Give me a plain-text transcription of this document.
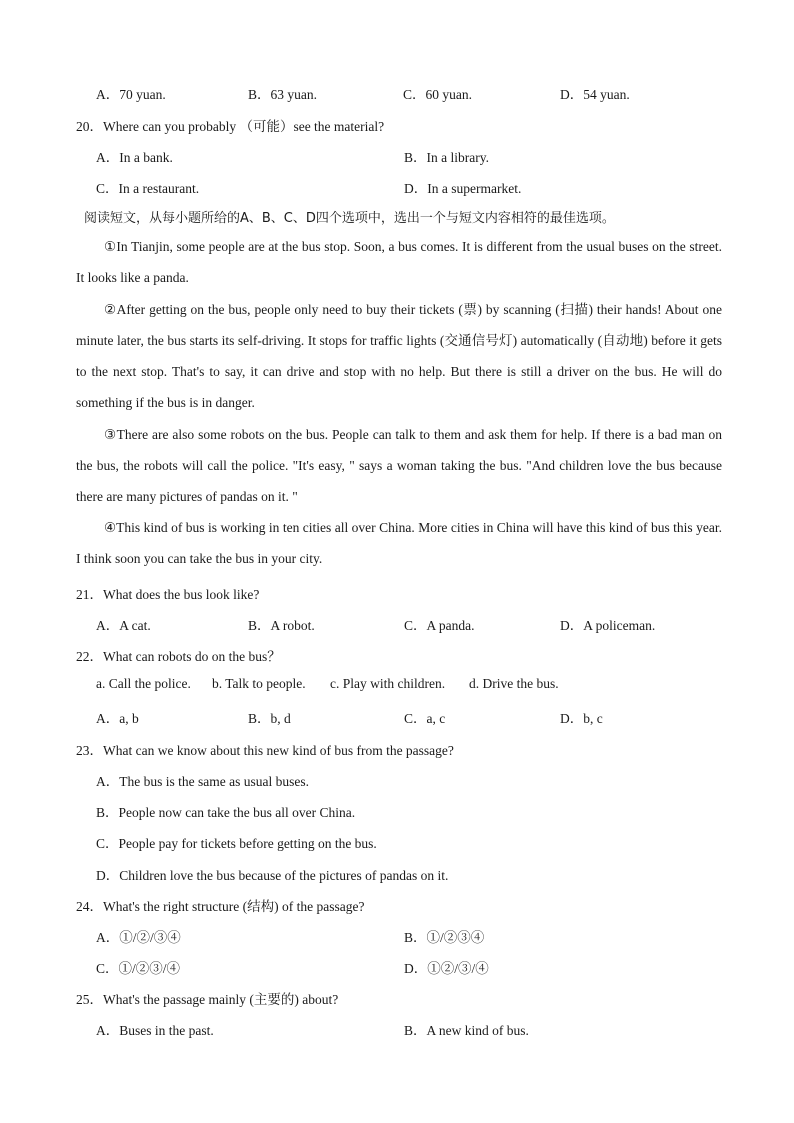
A．70 yuan.	B．63 yuan.	C．60 yuan.	D．54 yuan.
20．Where can you probably （可能）see the material?
A．In a bank.	B．In a library.
C．In a restaurant.	D．In a supermarket.
阅读短文，从每小题所给的A、B、C、D四个选项中，选出一个与短文内容相符的最佳选项。
①In Tianjin, some people are at the bus stop. Soon, a bus comes. It is different from the usual buses on the street. It looks like a panda.
②After getting on the bus, people only need to buy their tickets (票) by scanning (扫描) their hands! About one minute later, the bus starts its self-driving. It stops for traffic lights (交通信号灯) automatically (自动地) before it gets to the next stop. That's to say, it can drive and stop with no help. But there is still a driver on the bus. He will do something if the bus is in danger.
③There are also some robots on the bus. People can talk to them and ask them for help. If there is a bad man on the bus, the robots will call the police. "It's easy, " says a woman taking the bus. "And children love the bus because there are many pictures of pandas on it. "
④This kind of bus is working in ten cities all over China. More cities in China will have this kind of bus this year. I think soon you can take the bus in your city.
21．What does the bus look like?
A．A cat.	B．A robot.	C．A panda.	D．A policeman.
22．What can robots do on the bus？
a. Call the police. b. Talk to people. c. Play with children. d. Drive the bus.
A．a, b	B．b, d	C．a, c	D．b, c
23．What can we know about this new kind of bus from the passage?
A．The bus is the same as usual buses.
B．People now can take the bus all over China.
C．People pay for tickets before getting on the bus.
D．Children love the bus because of the pictures of pandas on it.
24．What's the right structure (结构) of the passage?
A．①/②/③④	B．①/②③④
C．①/②③/④	D．①②/③/④
25．What's the passage mainly (主要的) about?
A．Buses in the past.	B．A new kind of bus.
